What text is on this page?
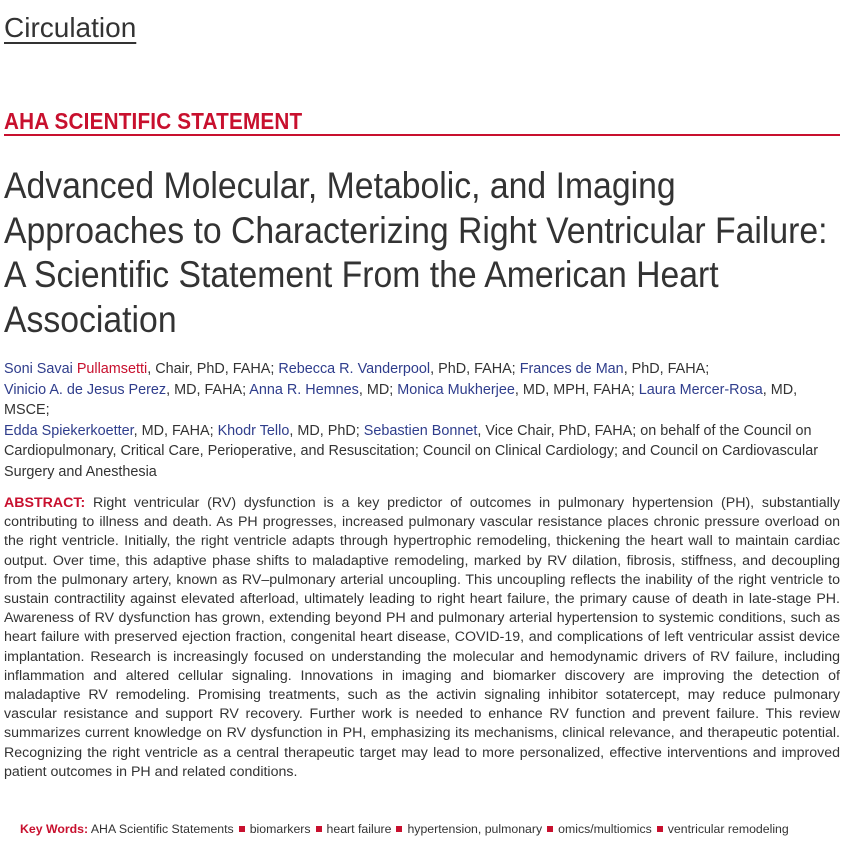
Circulation
AHA SCIENTIFIC STATEMENT
Advanced Molecular, Metabolic, and Imaging Approaches to Characterizing Right Ventricular Failure: A Scientific Statement From the American Heart Association
Soni Savai Pullamsetti, Chair, PhD, FAHA; Rebecca R. Vanderpool, PhD, FAHA; Frances de Man, PhD, FAHA;
Vinicio A. de Jesus Perez, MD, FAHA; Anna R. Hemnes, MD; Monica Mukherjee, MD, MPH, FAHA; Laura Mercer-Rosa, MD, MSCE;
Edda Spiekerkoetter, MD, FAHA; Khodr Tello, MD, PhD; Sebastien Bonnet, Vice Chair, PhD, FAHA; on behalf of the Council on Cardiopulmonary, Critical Care, Perioperative, and Resuscitation; Council on Clinical Cardiology; and Council on Cardiovascular Surgery and Anesthesia

ABSTRACT: Right ventricular (RV) dysfunction is a key predictor of outcomes in pulmonary hypertension (PH), substantially contributing to illness and death. As PH progresses, increased pulmonary vascular resistance places chronic pressure overload on the right ventricle. Initially, the right ventricle adapts through hypertrophic remodeling, thickening the heart wall to maintain cardiac output. Over time, this adaptive phase shifts to maladaptive remodeling, marked by RV dilation, fibrosis, stiffness, and decoupling from the pulmonary artery, known as RV–pulmonary arterial uncoupling. This uncoupling reflects the inability of the right ventricle to sustain contractility against elevated afterload, ultimately leading to right heart failure, the primary cause of death in late-stage PH. Awareness of RV dysfunction has grown, extending beyond PH and pulmonary arterial hypertension to systemic conditions, such as heart failure with preserved ejection fraction, congenital heart disease, COVID-19, and complications of left ventricular assist device implantation. Research is increasingly focused on understanding the molecular and hemodynamic drivers of RV failure, including inflammation and altered cellular signaling. Innovations in imaging and biomarker discovery are improving the detection of maladaptive RV remodeling. Promising treatments, such as the activin signaling inhibitor sotatercept, may reduce pulmonary vascular resistance and support RV recovery. Further work is needed to enhance RV function and prevent failure. This review summarizes current knowledge on RV dysfunction in PH, emphasizing its mechanisms, clinical relevance, and therapeutic potential. Recognizing the right ventricle as a central therapeutic target may lead to more personalized, effective interventions and improved patient outcomes in PH and related conditions.

Key Words: AHA Scientific Statements biomarkers heart failure hypertension, pulmonary omics/multiomics ventricular remodeling
